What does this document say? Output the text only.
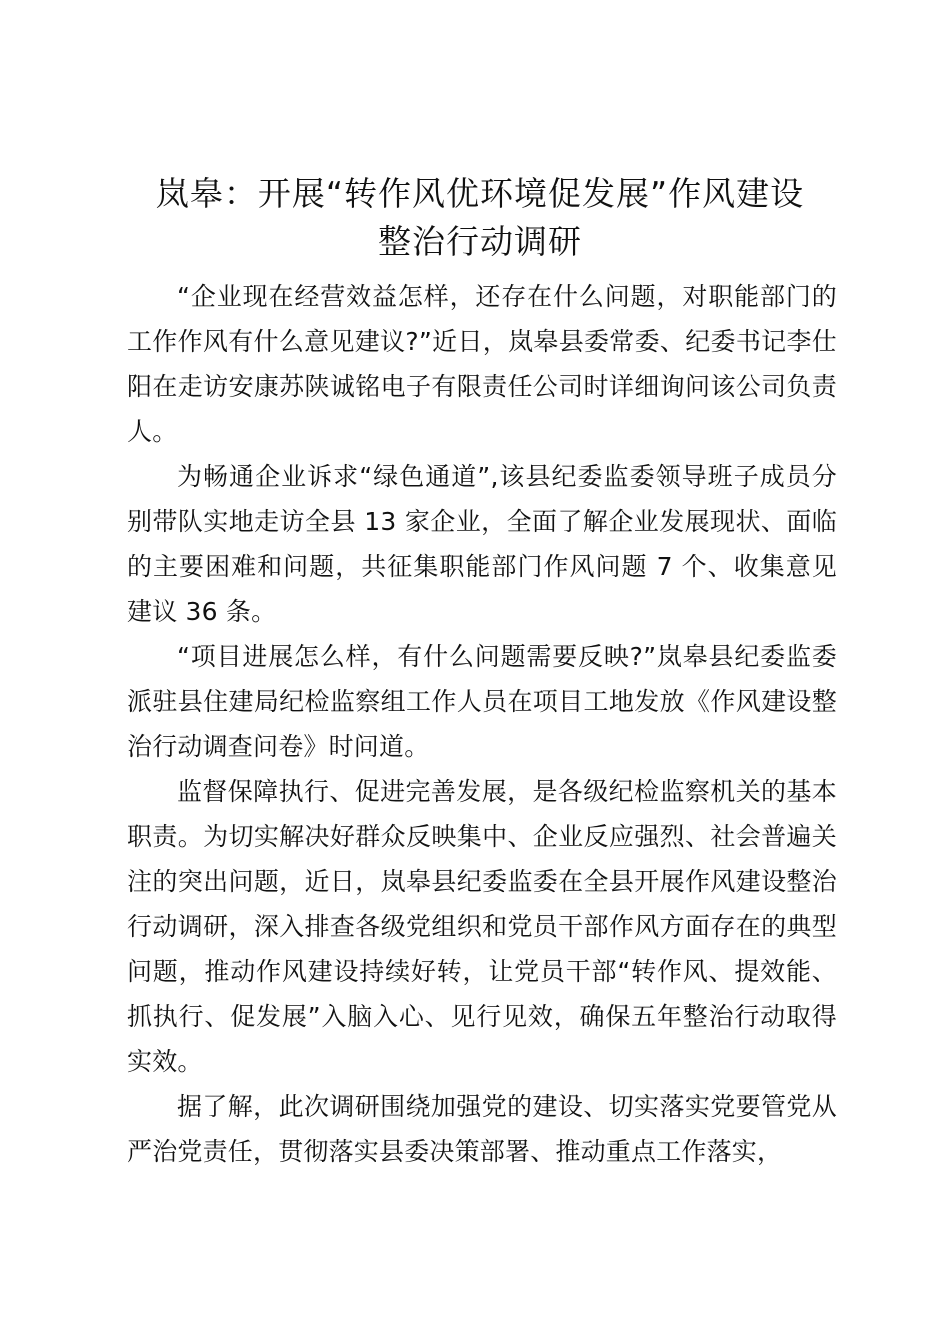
岚皋：开展“转作风优环境促发展”作风建设
整治行动调研

“企业现在经营效益怎样，还存在什么问题，对职能部门的工作作风有什么意见建议?”近日，岚皋县委常委、纪委书记李仕阳在走访安康苏陕诚铭电子有限责任公司时详细询问该公司负责人。

为畅通企业诉求“绿色通道”,该县纪委监委领导班子成员分别带队实地走访全县 13 家企业，全面了解企业发展现状、面临的主要困难和问题，共征集职能部门作风问题 7 个、收集意见建议 36 条。

“项目进展怎么样，有什么问题需要反映?”岚皋县纪委监委派驻县住建局纪检监察组工作人员在项目工地发放《作风建设整治行动调查问卷》时问道。

监督保障执行、促进完善发展，是各级纪检监察机关的基本职责。为切实解决好群众反映集中、企业反应强烈、社会普遍关注的突出问题，近日，岚皋县纪委监委在全县开展作风建设整治行动调研，深入排查各级党组织和党员干部作风方面存在的典型问题，推动作风建设持续好转，让党员干部“转作风、提效能、抓执行、促发展”入脑入心、见行见效，确保五年整治行动取得实效。

据了解，此次调研围绕加强党的建设、切实落实党要管党从严治党责任，贯彻落实县委决策部署、推动重点工作落实，
